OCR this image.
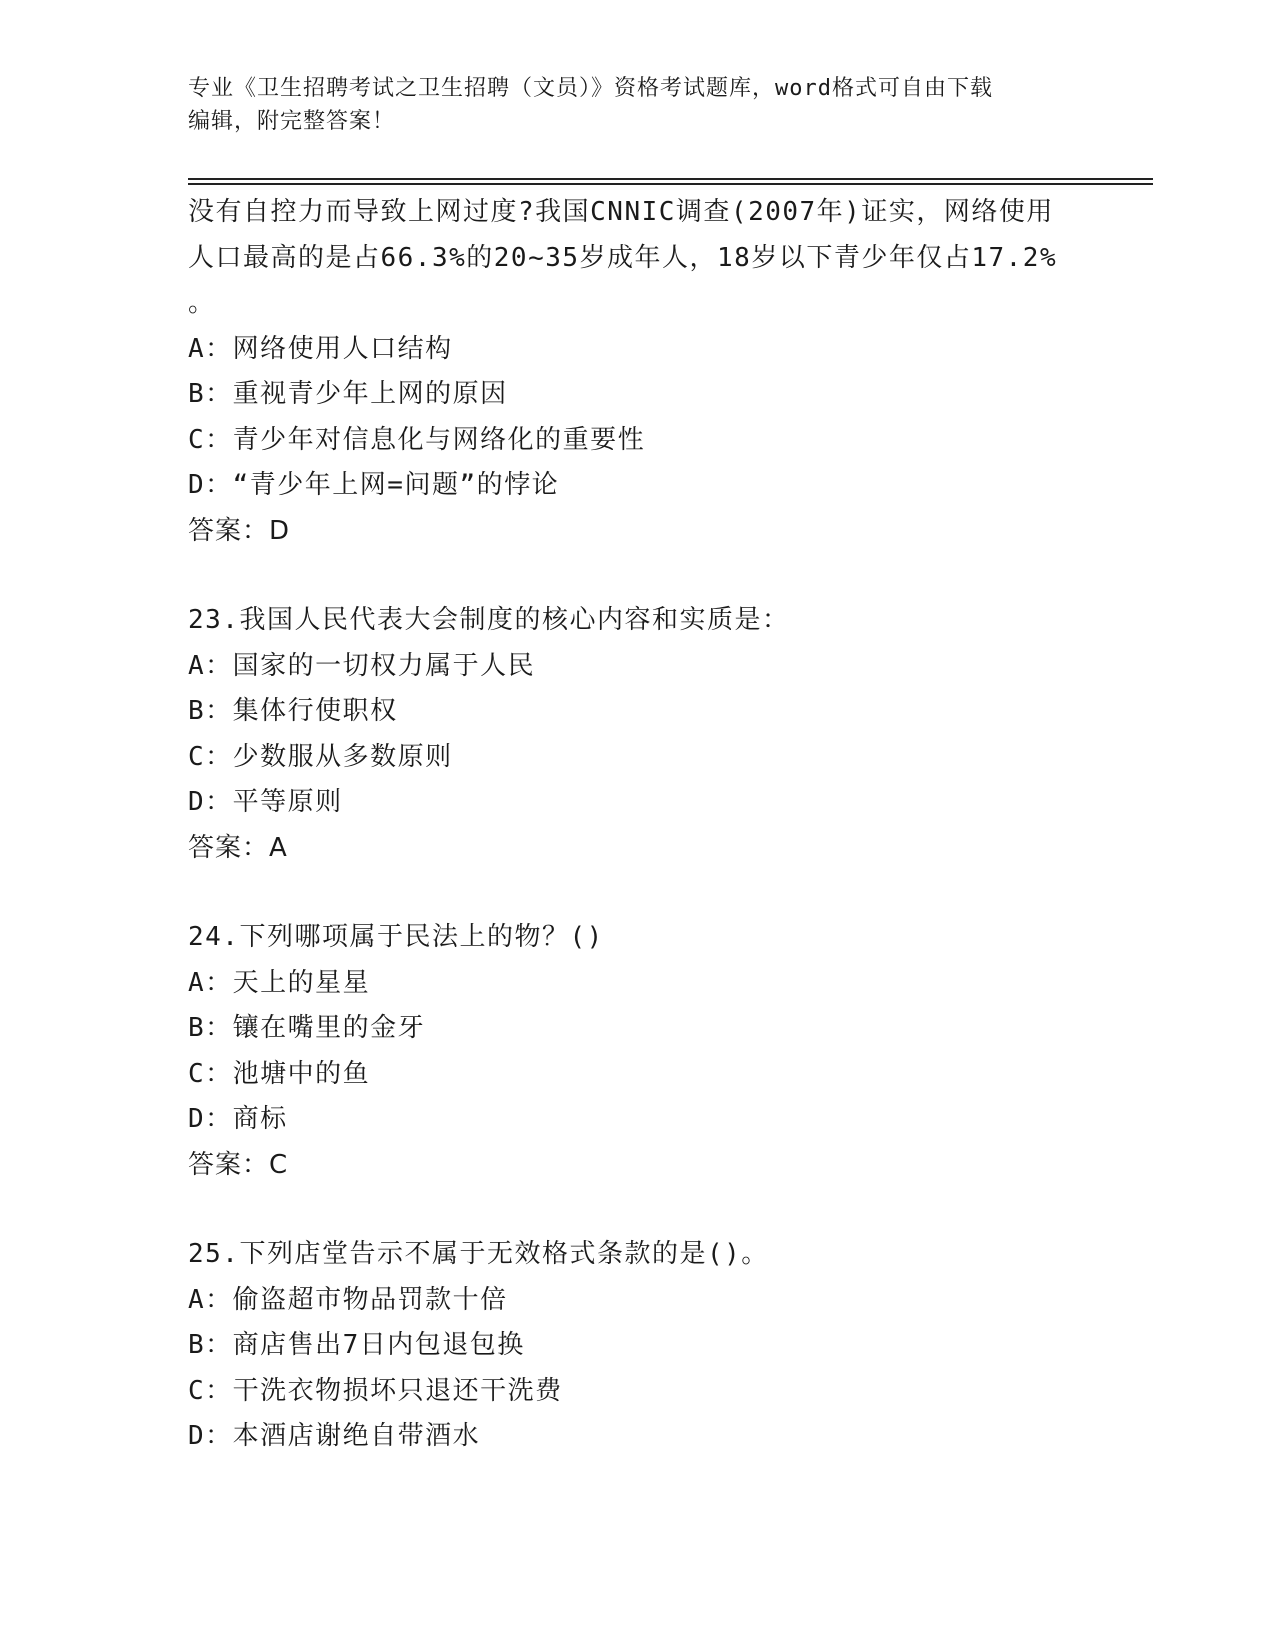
专业《卫生招聘考试之卫生招聘（文员）》资格考试题库，word格式可自由下载
编辑，附完整答案！
没有自控力而导致上网过度?我国CNNIC调查(2007年)证实，网络使用
人口最高的是占66.3%的20~35岁成年人，18岁以下青少年仅占17.2%
。
A：网络使用人口结构
B：重视青少年上网的原因
C：青少年对信息化与网络化的重要性
D：“青少年上网=问题”的悖论
答案：D
23.我国人民代表大会制度的核心内容和实质是：
A：国家的一切权力属于人民
B：集体行使职权
C：少数服从多数原则
D：平等原则
答案：A
24.下列哪项属于民法上的物？()
A：天上的星星
B：镶在嘴里的金牙
C：池塘中的鱼
D：商标
答案：C
25.下列店堂告示不属于无效格式条款的是()。
A：偷盗超市物品罚款十倍
B：商店售出7日内包退包换
C：干洗衣物损坏只退还干洗费
D：本酒店谢绝自带酒水
